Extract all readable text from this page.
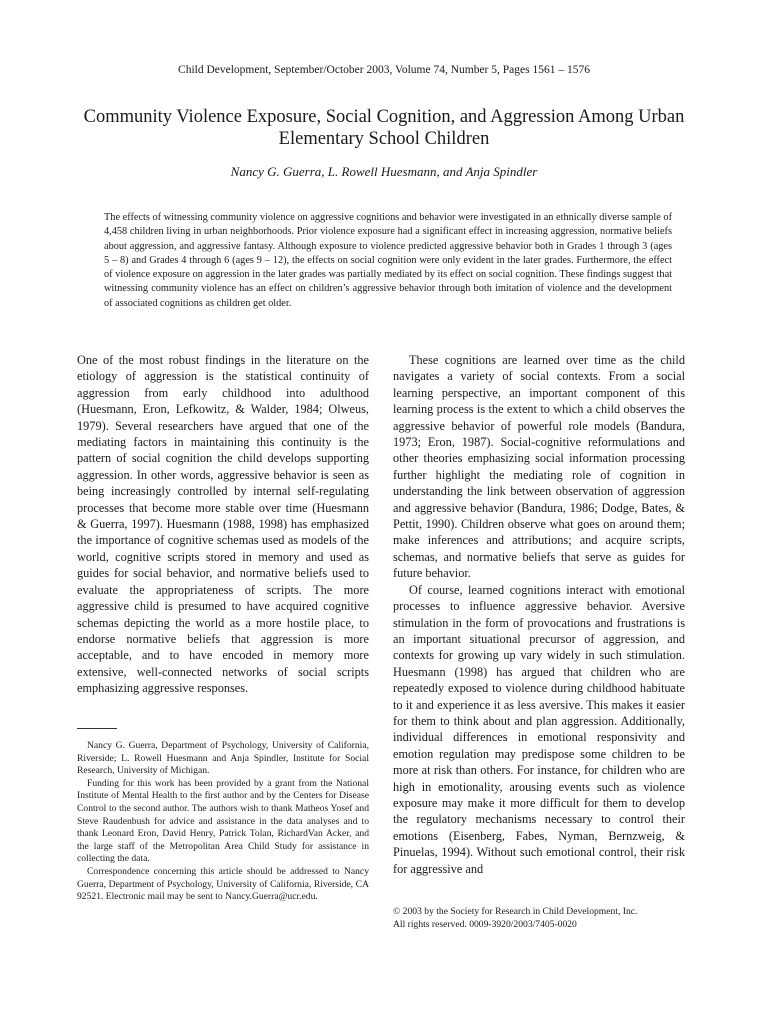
Child Development, September/October 2003, Volume 74, Number 5, Pages 1561 – 1576
Community Violence Exposure, Social Cognition, and Aggression Among Urban Elementary School Children
Nancy G. Guerra, L. Rowell Huesmann, and Anja Spindler
The effects of witnessing community violence on aggressive cognitions and behavior were investigated in an ethnically diverse sample of 4,458 children living in urban neighborhoods. Prior violence exposure had a significant effect in increasing aggression, normative beliefs about aggression, and aggressive fantasy. Although exposure to violence predicted aggressive behavior both in Grades 1 through 3 (ages 5 – 8) and Grades 4 through 6 (ages 9 – 12), the effects on social cognition were only evident in the later grades. Furthermore, the effect of violence exposure on aggression in the later grades was partially mediated by its effect on social cognition. These findings suggest that witnessing community violence has an effect on children’s aggressive behavior through both imitation of violence and the development of associated cognitions as children get older.

One of the most robust findings in the literature on the etiology of aggression is the statistical continuity of aggression from early childhood into adulthood (Huesmann, Eron, Lefkowitz, & Walder, 1984; Olweus, 1979). Several researchers have argued that one of the mediating factors in maintaining this continuity is the pattern of social cognition the child develops supporting aggression. In other words, aggressive behavior is seen as being increasingly controlled by internal self-regulating processes that become more stable over time (Huesmann & Guerra, 1997). Huesmann (1988, 1998) has emphasized the importance of cognitive schemas used as models of the world, cognitive scripts stored in memory and used as guides for social behavior, and normative beliefs used to evaluate the appropriateness of scripts. The more aggressive child is presumed to have acquired cognitive schemas depicting the world as a more hostile place, to endorse normative beliefs that aggression is more acceptable, and to have encoded in memory more extensive, well-connected networks of social scripts emphasizing aggressive responses.

Nancy G. Guerra, Department of Psychology, University of California, Riverside; L. Rowell Huesmann and Anja Spindler, Institute for Social Research, University of Michigan.

Funding for this work has been provided by a grant from the National Institute of Mental Health to the first author and by the Centers for Disease Control to the second author. The authors wish to thank Matheos Yosef and Steve Raudenbush for advice and assistance in the data analyses and to thank Leonard Eron, David Henry, Patrick Tolan, RichardVan Acker, and the large staff of the Metropolitan Area Child Study for assistance in collecting the data.

Correspondence concerning this article should be addressed to Nancy Guerra, Department of Psychology, University of California, Riverside, CA 92521. Electronic mail may be sent to Nancy.Guerra@ucr.edu.

These cognitions are learned over time as the child navigates a variety of social contexts. From a social learning perspective, an important component of this learning process is the extent to which a child observes the aggressive behavior of powerful role models (Bandura, 1973; Eron, 1987). Social-cognitive reformulations and other theories emphasizing social information processing further highlight the mediating role of cognition in understanding the link between observation of aggression and aggressive behavior (Bandura, 1986; Dodge, Bates, & Pettit, 1990). Children observe what goes on around them; make inferences and attributions; and acquire scripts, schemas, and normative beliefs that serve as guides for future behavior.

Of course, learned cognitions interact with emotional processes to influence aggressive behavior. Aversive stimulation in the form of provocations and frustrations is an important situational precursor of aggression, and contexts for growing up vary widely in such stimulation. Huesmann (1998) has argued that children who are repeatedly exposed to violence during childhood habituate to it and experience it as less aversive. This makes it easier for them to think about and plan aggression. Additionally, individual differences in emotional responsivity and emotion regulation may predispose some children to be more at risk than others. For instance, for children who are high in emotionality, arousing events such as violence exposure may make it more difficult for them to develop the regulatory mechanisms necessary to control their emotions (Eisenberg, Fabes, Nyman, Bernzweig, & Pinuelas, 1994). Without such emotional control, their risk for aggressive and

© 2003 by the Society for Research in Child Development, Inc.
All rights reserved. 0009-3920/2003/7405-0020
